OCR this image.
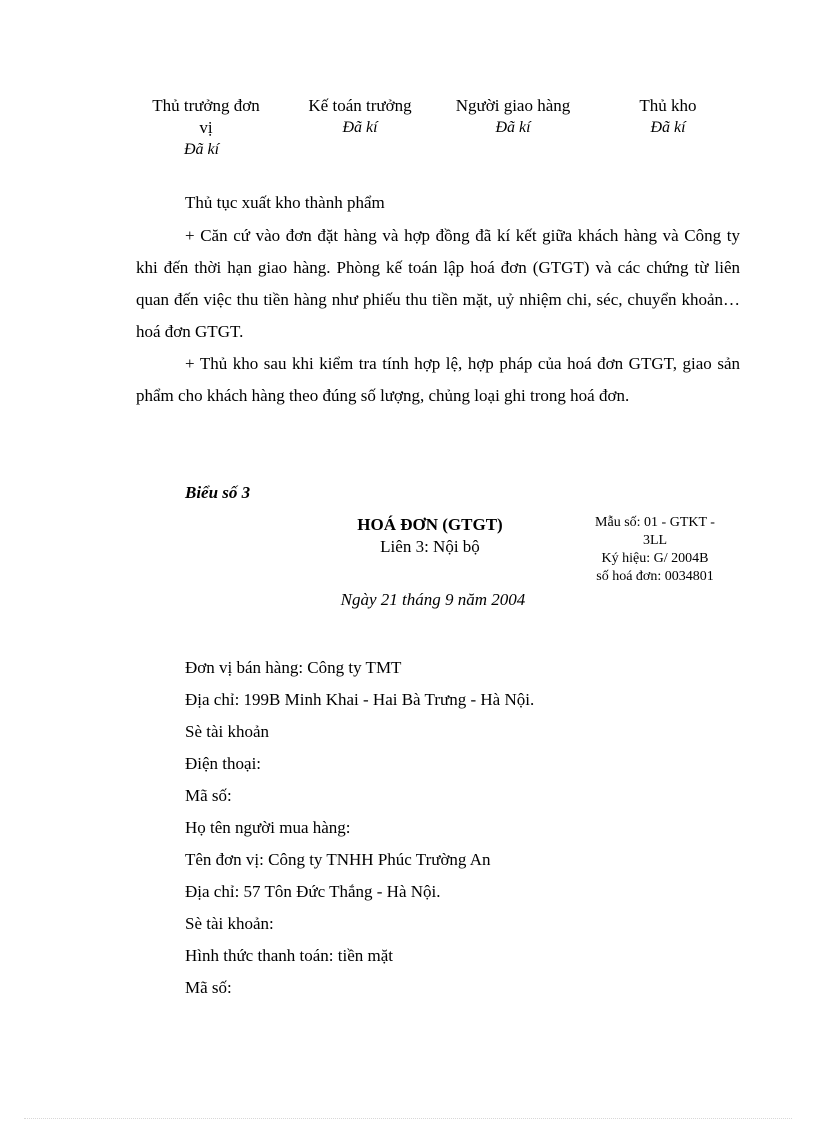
Thủ trưởng đơn
vị
Đã kí
Kế toán trưởng
Đã kí
Người giao hàng
Đã kí
Thủ kho
Đã kí
Thủ tục xuất kho thành phẩm
+ Căn cứ vào đơn đặt hàng và hợp đồng đã kí kết giữa khách hàng và Công ty khi đến thời hạn giao hàng. Phòng kế toán lập hoá đơn (GTGT) và các chứng từ liên quan đến việc thu tiền hàng như phiếu thu tiền mặt, uỷ nhiệm chi, séc, chuyển khoản… hoá đơn GTGT.
+ Thủ kho sau khi kiểm tra tính hợp lệ, hợp pháp của hoá đơn GTGT, giao sản phẩm cho khách hàng theo đúng số lượng, chủng loại ghi trong hoá đơn.
Biểu số 3
HOÁ ĐƠN (GTGT)
Liên 3: Nội bộ
Mẫu số: 01 - GTKT -
3LL
Ký hiệu: G/ 2004B
số hoá đơn: 0034801
Ngày 21 tháng 9 năm 2004
Đơn vị bán hàng: Công ty TMT
Địa chỉ: 199B Minh Khai - Hai Bà Trưng - Hà Nội.
Sè tài khoản
Điện thoại:
Mã số:
Họ tên người mua hàng:
Tên đơn vị: Công ty TNHH Phúc Trường An
Địa chỉ: 57 Tôn Đức Thắng - Hà Nội.
Sè tài khoản:
Hình thức thanh toán: tiền mặt
Mã số:
